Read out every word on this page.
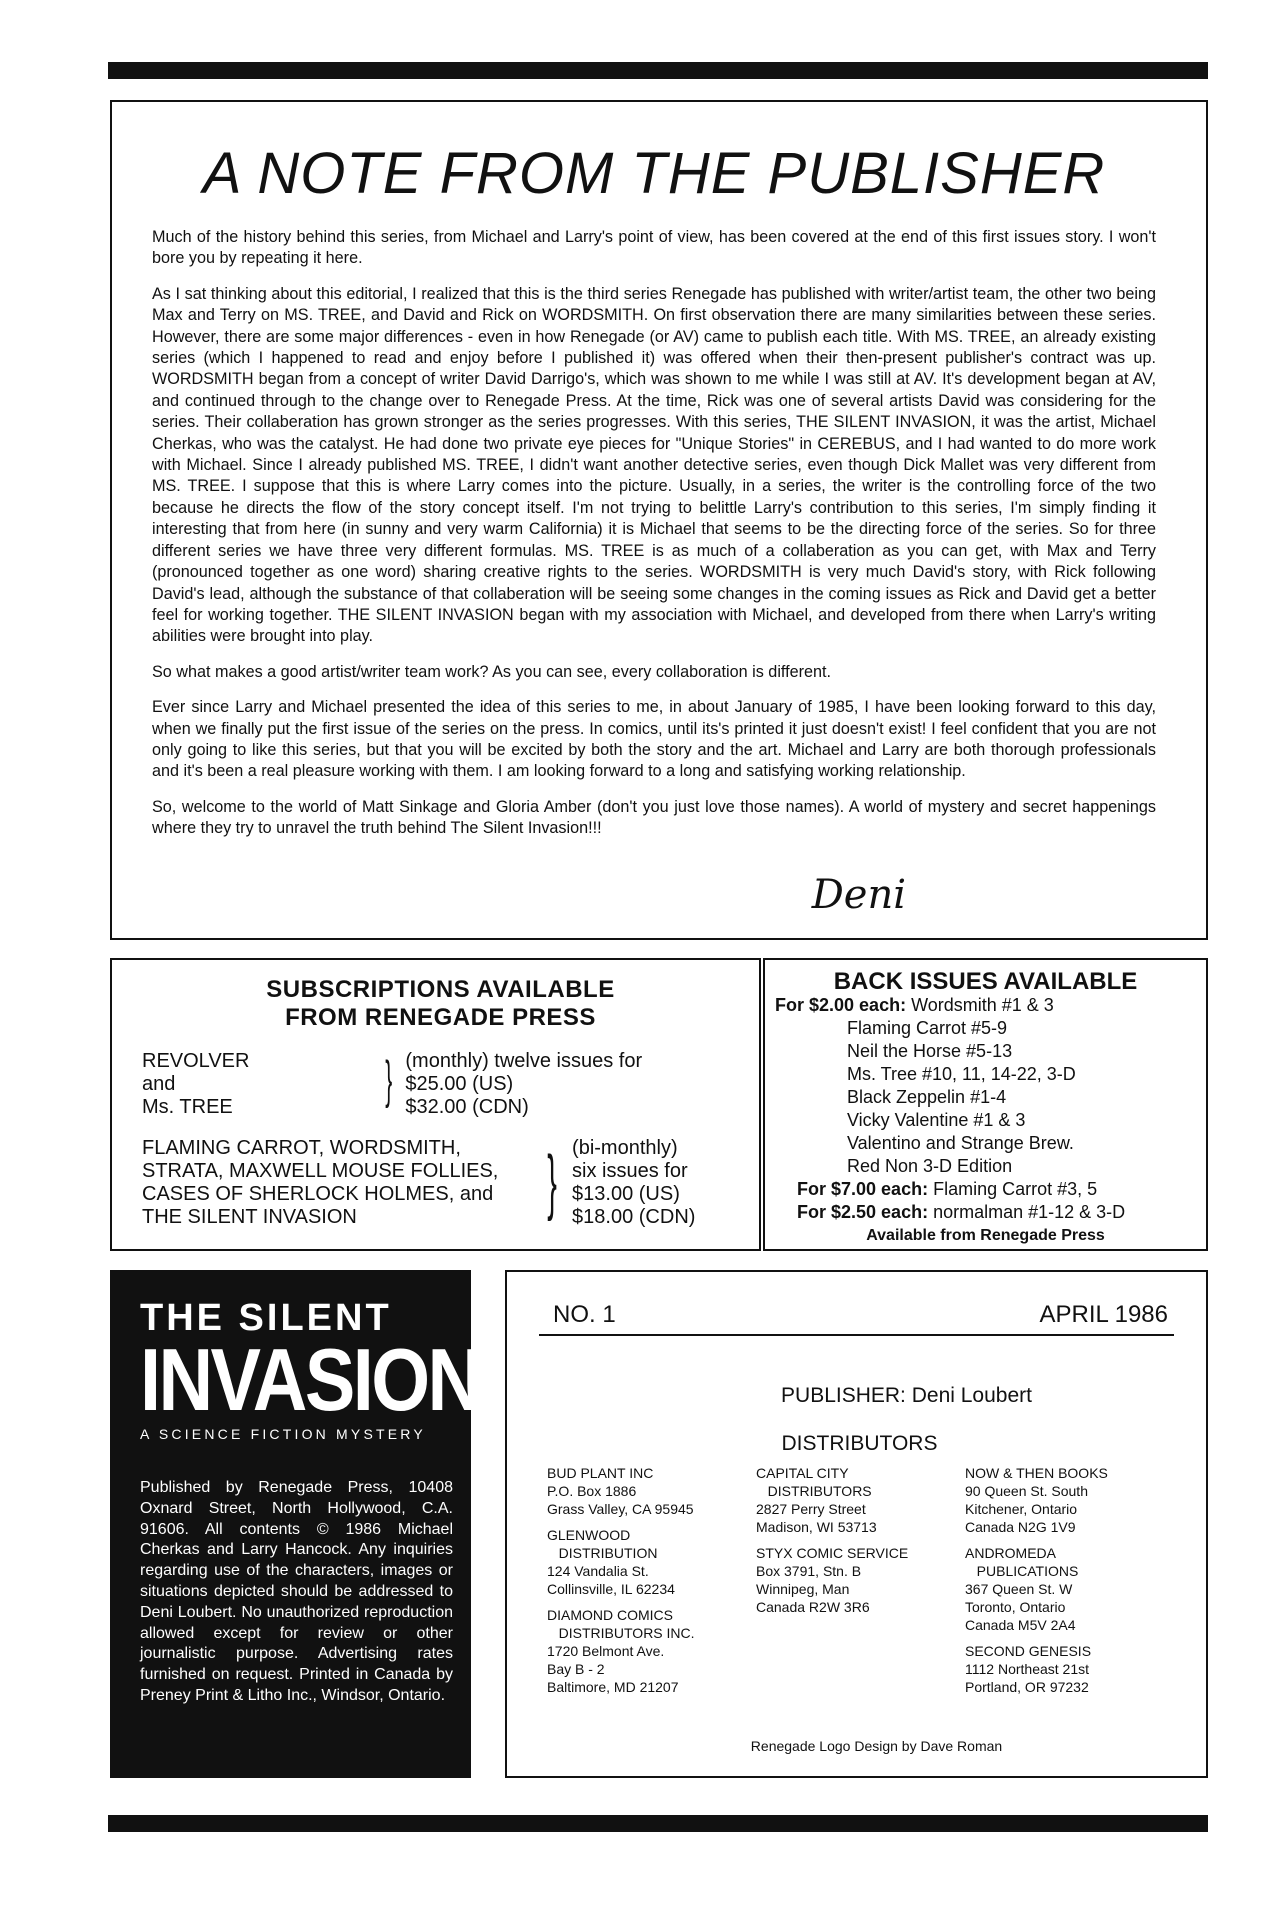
A NOTE FROM THE PUBLISHER

Much of the history behind this series, from Michael and Larry's point of view, has been covered at the end of this first issues story. I won't bore you by repeating it here.

As I sat thinking about this editorial, I realized that this is the third series Renegade has published with writer/artist team, the other two being Max and Terry on MS. TREE, and David and Rick on WORDSMITH. On first observation there are many similarities between these series. However, there are some major differences - even in how Renegade (or AV) came to publish each title. With MS. TREE, an already existing series (which I happened to read and enjoy before I published it) was offered when their then-present publisher's contract was up. WORDSMITH began from a concept of writer David Darrigo's, which was shown to me while I was still at AV. It's development began at AV, and continued through to the change over to Renegade Press. At the time, Rick was one of several artists David was considering for the series. Their collaberation has grown stronger as the series progresses. With this series, THE SILENT INVASION, it was the artist, Michael Cherkas, who was the catalyst. He had done two private eye pieces for "Unique Stories" in CEREBUS, and I had wanted to do more work with Michael. Since I already published MS. TREE, I didn't want another detective series, even though Dick Mallet was very different from MS. TREE. I suppose that this is where Larry comes into the picture. Usually, in a series, the writer is the controlling force of the two because he directs the flow of the story concept itself. I'm not trying to belittle Larry's contribution to this series, I'm simply finding it interesting that from here (in sunny and very warm California) it is Michael that seems to be the directing force of the series. So for three different series we have three very different formulas. MS. TREE is as much of a collaberation as you can get, with Max and Terry (pronounced together as one word) sharing creative rights to the series. WORDSMITH is very much David's story, with Rick following David's lead, although the substance of that collaberation will be seeing some changes in the coming issues as Rick and David get a better feel for working together. THE SILENT INVASION began with my association with Michael, and developed from there when Larry's writing abilities were brought into play.

So what makes a good artist/writer team work? As you can see, every collaboration is different.

Ever since Larry and Michael presented the idea of this series to me, in about January of 1985, I have been looking forward to this day, when we finally put the first issue of the series on the press. In comics, until its's printed it just doesn't exist! I feel confident that you are not only going to like this series, but that you will be excited by both the story and the art. Michael and Larry are both thorough professionals and it's been a real pleasure working with them. I am looking forward to a long and satisfying working relationship.

So, welcome to the world of Matt Sinkage and Gloria Amber (don't you just love those names). A world of mystery and secret happenings where they try to unravel the truth behind The Silent Invasion!!!

Deni
SUBSCRIPTIONS AVAILABLE
FROM RENEGADE PRESS
REVOLVER
and
Ms. TREE	} (monthly) twelve issues for
$25.00 (US)
$32.00 (CDN)
FLAMING CARROT, WORDSMITH,
STRATA, MAXWELL MOUSE FOLLIES,
CASES OF SHERLOCK HOLMES, and
THE SILENT INVASION	} (bi-monthly)
six issues for
$13.00 (US)
$18.00 (CDN)
BACK ISSUES AVAILABLE
For $2.00 each: Wordsmith #1 & 3
Flaming Carrot #5-9
Neil the Horse #5-13
Ms. Tree #10, 11, 14-22, 3-D
Black Zeppelin #1-4
Vicky Valentine #1 & 3
Valentino and Strange Brew.
Red Non 3-D Edition
For $7.00 each: Flaming Carrot #3, 5
For $2.50 each: normalman #1-12 & 3-D
Available from Renegade Press
THE SILENT
INVASION
A SCIENCE FICTION MYSTERY
Published by Renegade Press, 10408 Oxnard Street, North Hollywood, C.A. 91606. All contents © 1986 Michael Cherkas and Larry Hancock. Any inquiries regarding use of the characters, images or situations depicted should be addressed to Deni Loubert. No unauthorized reproduction allowed except for review or other journalistic purpose. Advertising rates furnished on request. Printed in Canada by Preney Print & Litho Inc., Windsor, Ontario.
NO. 1	APRIL 1986
PUBLISHER: Deni Loubert
DISTRIBUTORS
BUD PLANT INC
P.O. Box 1886
Grass Valley, CA 95945
GLENWOOD
DISTRIBUTION
124 Vandalia St.
Collinsville, IL 62234
DIAMOND COMICS
DISTRIBUTORS INC.
1720 Belmont Ave.
Bay B - 2
Baltimore, MD 21207
CAPITAL CITY
DISTRIBUTORS
2827 Perry Street
Madison, WI 53713
STYX COMIC SERVICE
Box 3791, Stn. B
Winnipeg, Man
Canada R2W 3R6
NOW & THEN BOOKS
90 Queen St. South
Kitchener, Ontario
Canada N2G 1V9
ANDROMEDA
PUBLICATIONS
367 Queen St. W
Toronto, Ontario
Canada M5V 2A4
SECOND GENESIS
1112 Northeast 21st
Portland, OR 97232
Renegade Logo Design by Dave Roman
